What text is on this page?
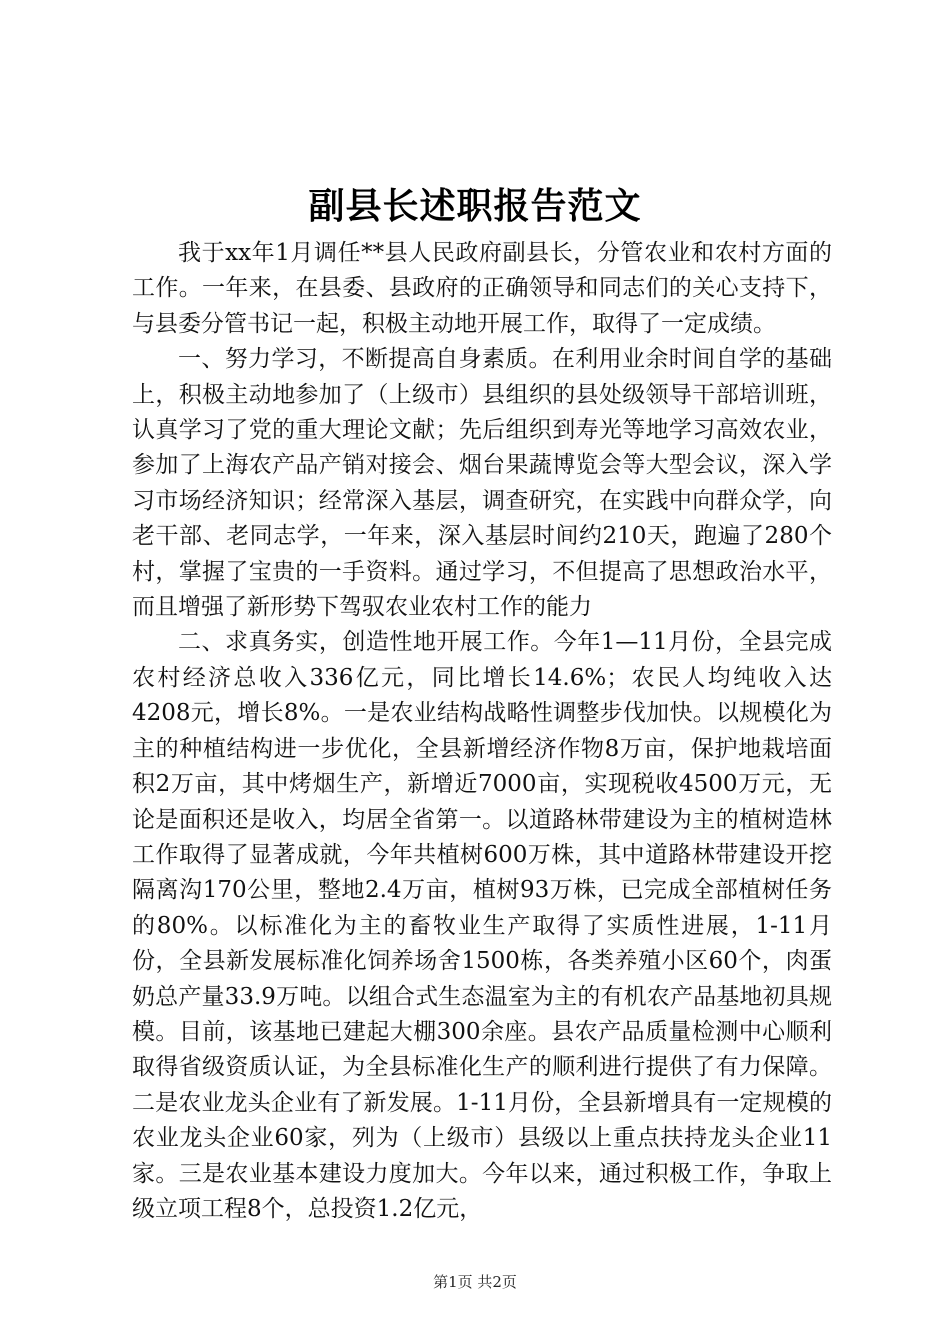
副县长述职报告范文

我于xx年1月调任**县人民政府副县长，分管农业和农村方面的工作。一年来，在县委、县政府的正确领导和同志们的关心支持下，与县委分管书记一起，积极主动地开展工作，取得了一定成绩。

一、努力学习，不断提高自身素质。在利用业余时间自学的基础上，积极主动地参加了（上级市）县组织的县处级领导干部培训班，认真学习了党的重大理论文献；先后组织到寿光等地学习高效农业，参加了上海农产品产销对接会、烟台果蔬博览会等大型会议，深入学习市场经济知识；经常深入基层，调查研究，在实践中向群众学，向老干部、老同志学，一年来，深入基层时间约210天，跑遍了280个村，掌握了宝贵的一手资料。通过学习，不但提高了思想政治水平，而且增强了新形势下驾驭农业农村工作的能力

二、求真务实，创造性地开展工作。今年1—11月份，全县完成农村经济总收入336亿元，同比增长14.6%；农民人均纯收入达4208元，增长8%。一是农业结构战略性调整步伐加快。以规模化为主的种植结构进一步优化，全县新增经济作物8万亩，保护地栽培面积2万亩，其中烤烟生产，新增近7000亩，实现税收4500万元，无论是面积还是收入，均居全省第一。以道路林带建设为主的植树造林工作取得了显著成就，今年共植树600万株，其中道路林带建设开挖隔离沟170公里，整地2.4万亩，植树93万株，已完成全部植树任务的80%。以标准化为主的畜牧业生产取得了实质性进展，1-11月份，全县新发展标准化饲养场舍1500栋，各类养殖小区60个，肉蛋奶总产量33.9万吨。以组合式生态温室为主的有机农产品基地初具规模。目前，该基地已建起大棚300余座。县农产品质量检测中心顺利取得省级资质认证，为全县标准化生产的顺利进行提供了有力保障。二是农业龙头企业有了新发展。1-11月份，全县新增具有一定规模的农业龙头企业60家，列为（上级市）县级以上重点扶持龙头企业11家。三是农业基本建设力度加大。今年以来，通过积极工作，争取上级立项工程8个，总投资1.2亿元，

第1页 共2页
